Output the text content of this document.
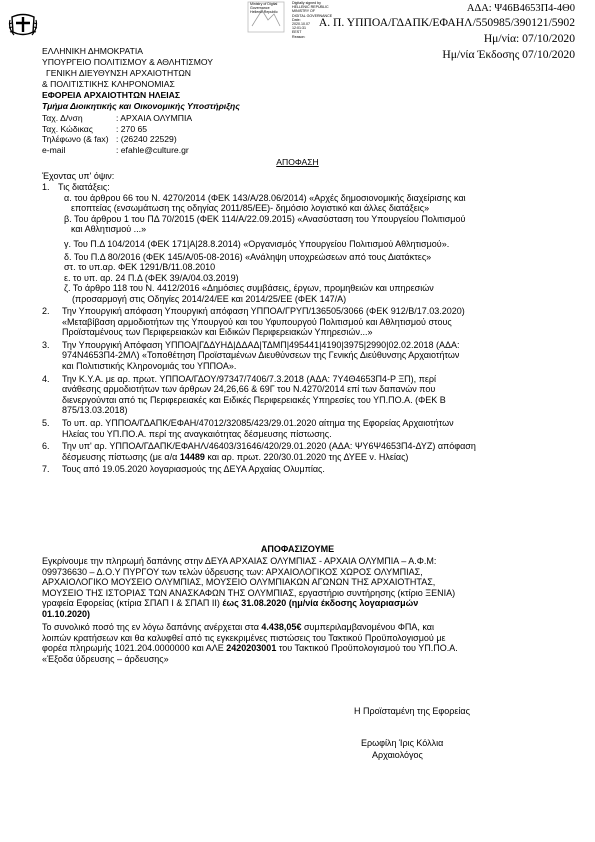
Ministry of Digital
Governance
Hellenic Republic
Digitally signed by
HELLENIC REPUBLIC
MINISTRY OF
DIGITAL GOVERNANCE
Date:
2020.10.07
12:01:31
EEST
Reason:
ΑΔΑ: Ψ46Β4653Π4-4Θ0
Α. Π. ΥΠΠΟΑ/ΓΔΑΠΚ/ΕΦΑΗΛ/550985/390121/5902
Ημ/νία: 07/10/2020
Ημ/νία Έκδοσης 07/10/2020
ΕΛΛΗΝΙΚΗ ΔΗΜΟΚΡΑΤΙΑ
ΥΠΟΥΡΓΕΙΟ ΠΟΛΙΤΙΣΜΟΥ & ΑΘΛΗΤΙΣΜΟΥ
ΓΕΝΙΚΗ ΔΙΕΥΘΥΝΣΗ ΑΡΧΑΙΟΤΗΤΩΝ
& ΠΟΛΙΤΙΣΤΙΚΗΣ ΚΛΗΡΟΝΟΜΙΑΣ
ΕΦΟΡΕΙΑ ΑΡΧΑΙΟΤΗΤΩΝ ΗΛΕΙΑΣ
Τμήμα Διοικητικής και Οικονομικής Υποστήριξης
Ταχ. Δ/νση	: ΑΡΧΑΙΑ ΟΛΥΜΠΙΑ
Ταχ. Κώδικας	: 270 65
Τηλέφωνο (& fax) : (26240 22529)
e-mail	: efahle@culture.gr
ΑΠΟΦΑΣΗ
Έχοντας υπ' όψιν:
1. Τις διατάξεις:
α. του άρθρου 66 του Ν. 4270/2014 (ΦΕΚ 143/Α/28.06/2014) «Αρχές δημοσιονομικής διαχείρισης και
εποπτείας (ενσωμάτωση της οδηγίας 2011/85/ΕΕ)- δημόσιο λογιστικό και άλλες διατάξεις»
β. Του άρθρου 1 του ΠΔ 70/2015 (ΦΕΚ 114/Α/22.09.2015) «Ανασύσταση του Υπουργείου Πολιτισμού
και Αθλητισμού ...»
γ. Του Π.Δ 104/2014 (ΦΕΚ 171|Α|28.8.2014) «Οργανισμός Υπουργείου Πολιτισμού Αθλητισμού».
δ. Του Π.Δ 80/2016 (ΦΕΚ 145/Α/05-08-2016) «Ανάληψη υποχρεώσεων από τους Διατάκτες»
στ. το υπ.αρ. ΦΕΚ 1291/Β/11.08.2010
ε. το υπ. αρ. 24 Π.Δ (ΦΕΚ 39/Α/04.03.2019)
ζ. Το άρθρο 118 του Ν. 4412/2016 «Δημόσιες συμβάσεις, έργων, προμηθειών και υπηρεσιών
(προσαρμογή στις Οδηγίες 2014/24/ΕΕ και 2014/25/ΕΕ (ΦΕΚ 147/Α)
2. Την Υπουργική απόφαση Υπουργική απόφαση ΥΠΠΟΑ/ΓΡΥΠ/136505/3066 (ΦΕΚ 912/Β/17.03.2020)
«Μεταβίβαση αρμοδιοτήτων της Υπουργού και του Υφυπουργού Πολιτισμού και Αθλητισμού στους
Προϊσταμένους των Περιφερειακών και Ειδικών Περιφερειακών Υπηρεσιών...»
3. Την Υπουργική Απόφαση ΥΠΠΟΑ|ΓΔΔΥΗΔ|ΔΔΑΔ|ΤΔΜΠ|495441|4190|3975|2990|02.02.2018 (ΑΔΑ:
974Ν4653Π4-2ΜΛ) «Τοποθέτηση Προϊσταμένων Διευθύνσεων της Γενικής Διεύθυνσης Αρχαιοτήτων
και Πολιτιστικής Κληρονομιάς του ΥΠΠΟΑ».
4. Την Κ.Υ.Α. με αρ. πρωτ. ΥΠΠΟΑ/ΓΔΟΥ/97347/7406/7.3.2018 (ΑΔΑ: 7Υ4Θ4653Π4-Ρ ΞΠ), περί
ανάθεσης αρμοδιοτήτων των άρθρων 24,26,66 & 69Γ του Ν.4270/2014 επί των δαπανών που
διενεργούνται από τις Περιφερειακές και Ειδικές Περιφερειακές Υπηρεσίες του ΥΠ.ΠΟ.Α. (ΦΕΚ Β
875/13.03.2018)
5. Το υπ. αρ. ΥΠΠΟΑ/ΓΔΑΠΚ/ΕΦΑΗ/47012/32085/423/29.01.2020 αίτημα της Εφορείας Αρχαιοτήτων
Ηλείας του ΥΠ.ΠΟ.Α. περί της αναγκαιότητας δέσμευσης πίστωσης.
6. Την υπ' αρ. ΥΠΠΟΑ/ΓΔΑΠΚ/ΕΦΑΗΛ/46403/31646/420/29.01.2020 (ΑΔΑ: ΨΥ6Ψ4653Π4-ΔΥΖ) απόφαση
δέσμευσης πίστωσης (με α/α 14489 και αρ. πρωτ. 220/30.01.2020 της ΔΥΕΕ ν. Ηλείας)
7. Τους από 19.05.2020 λογαριασμούς της ΔΕΥΑ Αρχαίας Ολυμπίας.
ΑΠΟΦΑΣΙΖΟΥΜΕ
Εγκρίνουμε την πληρωμή δαπάνης στην ΔΕΥΑ ΑΡΧΑΙΑΣ ΟΛΥΜΠΙΑΣ - ΑΡΧΑΙΑ ΟΛΥΜΠΙΑ – Α.Φ.Μ:
099736630 – Δ.Ο.Υ ΠΥΡΓΟΥ των τελών ύδρευσης των: ΑΡΧΑΙΟΛΟΓΙΚΟΣ ΧΩΡΟΣ ΟΛΥΜΠΙΑΣ,
ΑΡΧΑΙΟΛΟΓΙΚΟ ΜΟΥΣΕΙΟ ΟΛΥΜΠΙΑΣ, ΜΟΥΣΕΙΟ ΟΛΥΜΠΙΑΚΩΝ ΑΓΩΝΩΝ ΤΗΣ ΑΡΧΑΙΟΤΗΤΑΣ,
ΜΟΥΣΕΙΟ ΤΗΣ ΙΣΤΟΡΙΑΣ ΤΩΝ ΑΝΑΣΚΑΦΩΝ ΤΗΣ ΟΛΥΜΠΙΑΣ, εργαστήριο συντήρησης (κτίριο ΞΕΝΙΑ)
γραφεία Εφορείας (κτίρια ΣΠΑΠ Ι & ΣΠΑΠ ΙΙ) έως 31.08.2020 (ημ/νία έκδοσης λογαριασμών
01.10.2020)
Το συνολικό ποσό της εν λόγω δαπάνης ανέρχεται στα 4.438,05€ συμπεριλαμβανομένου ΦΠΑ, και
λοιπών κρατήσεων και θα καλυφθεί από τις εγκεκριμένες πιστώσεις του Τακτικού Προϋπολογισμού με
φορέα πληρωμής 1021.204.0000000 και ΑΛΕ 2420203001 του Τακτικού Προϋπολογισμού του ΥΠ.ΠΟ.Α.
«Έξοδα ύδρευσης – άρδευσης»
Η Προϊσταμένη της Εφορείας
Ερωφίλη Ίρις Κόλλια
Αρχαιολόγος
